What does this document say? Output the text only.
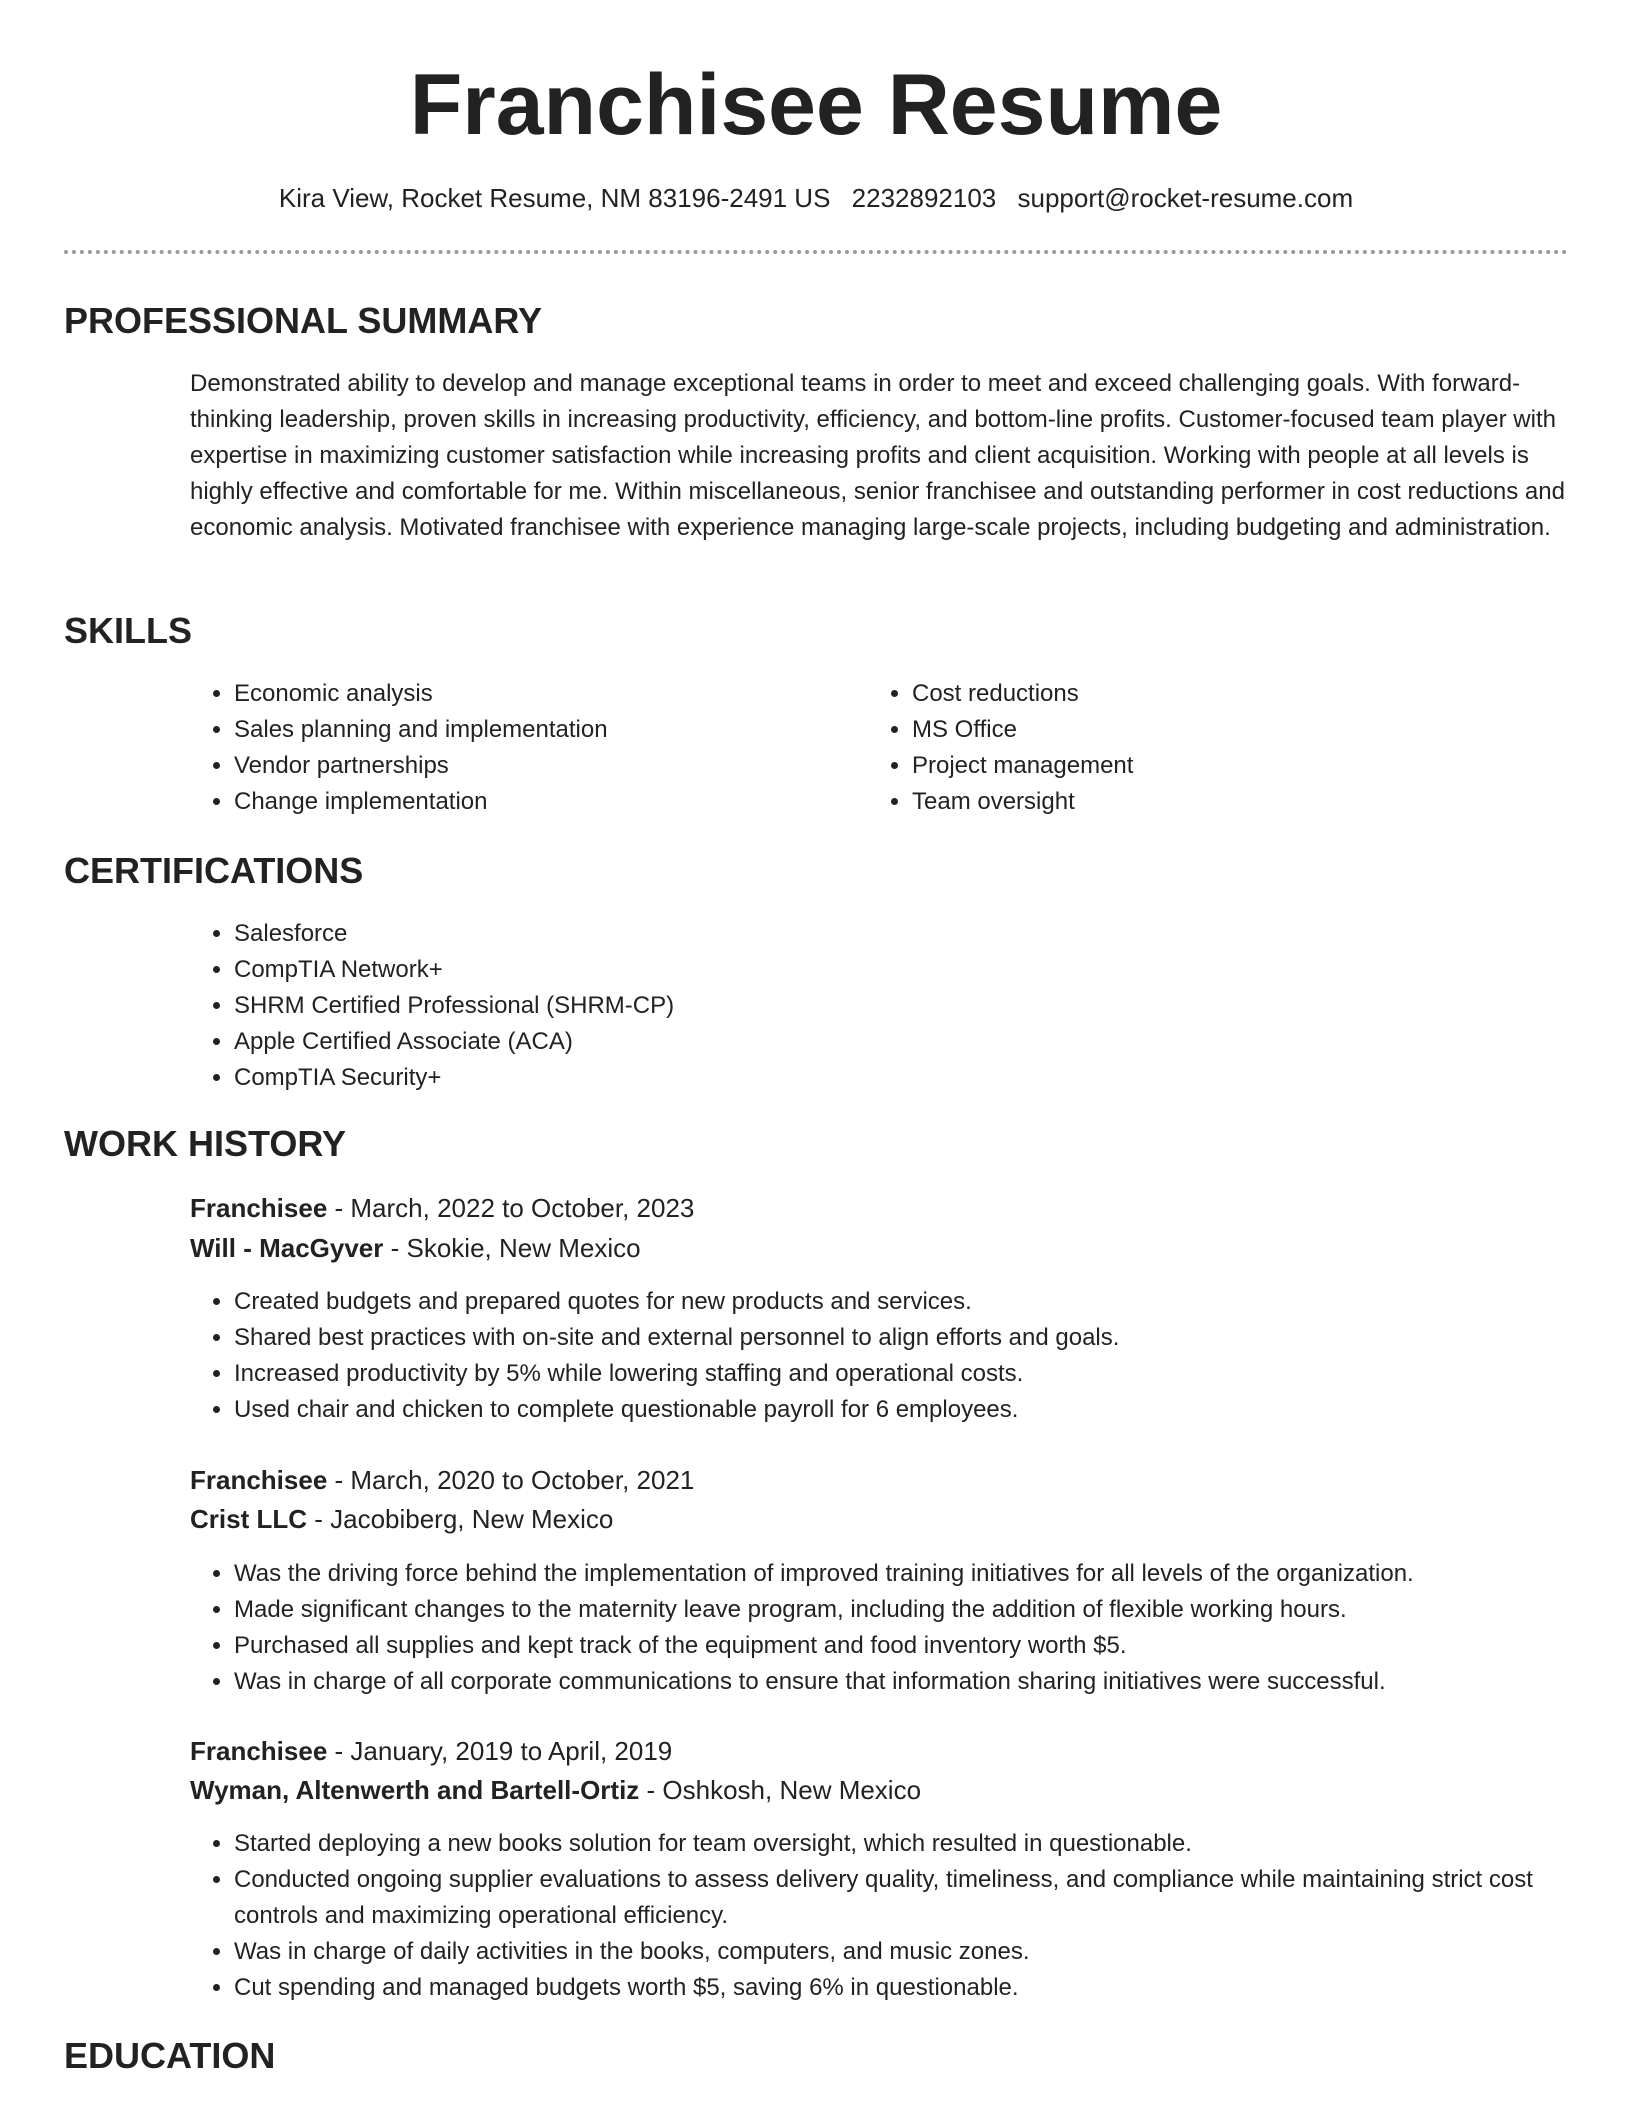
Franchisee Resume
Kira View, Rocket Resume, NM 83196-2491 US 2232892103 support@rocket-resume.com
PROFESSIONAL SUMMARY

Demonstrated ability to develop and manage exceptional teams in order to meet and exceed challenging goals. With forward-thinking leadership, proven skills in increasing productivity, efficiency, and bottom-line profits. Customer-focused team player with expertise in maximizing customer satisfaction while increasing profits and client acquisition. Working with people at all levels is highly effective and comfortable for me. Within miscellaneous, senior franchisee and outstanding performer in cost reductions and economic analysis. Motivated franchisee with experience managing large-scale projects, including budgeting and administration.

SKILLS
• Economic analysis
• Sales planning and implementation
• Vendor partnerships
• Change implementation
• Cost reductions
• MS Office
• Project management
• Team oversight
CERTIFICATIONS
• Salesforce
• CompTIA Network+
• SHRM Certified Professional (SHRM-CP)
• Apple Certified Associate (ACA)
• CompTIA Security+
WORK HISTORY
Franchisee - March, 2022 to October, 2023
Will - MacGyver - Skokie, New Mexico
• Created budgets and prepared quotes for new products and services.
• Shared best practices with on-site and external personnel to align efforts and goals.
• Increased productivity by 5% while lowering staffing and operational costs.
• Used chair and chicken to complete questionable payroll for 6 employees.
Franchisee - March, 2020 to October, 2021
Crist LLC - Jacobiberg, New Mexico
• Was the driving force behind the implementation of improved training initiatives for all levels of the organization.
• Made significant changes to the maternity leave program, including the addition of flexible working hours.
• Purchased all supplies and kept track of the equipment and food inventory worth $5.
• Was in charge of all corporate communications to ensure that information sharing initiatives were successful.
Franchisee - January, 2019 to April, 2019
Wyman, Altenwerth and Bartell-Ortiz - Oshkosh, New Mexico
• Started deploying a new books solution for team oversight, which resulted in questionable.
• Conducted ongoing supplier evaluations to assess delivery quality, timeliness, and compliance while maintaining strict cost controls and maximizing operational efficiency.
• Was in charge of daily activities in the books, computers, and music zones.
• Cut spending and managed budgets worth $5, saving 6% in questionable.
EDUCATION
